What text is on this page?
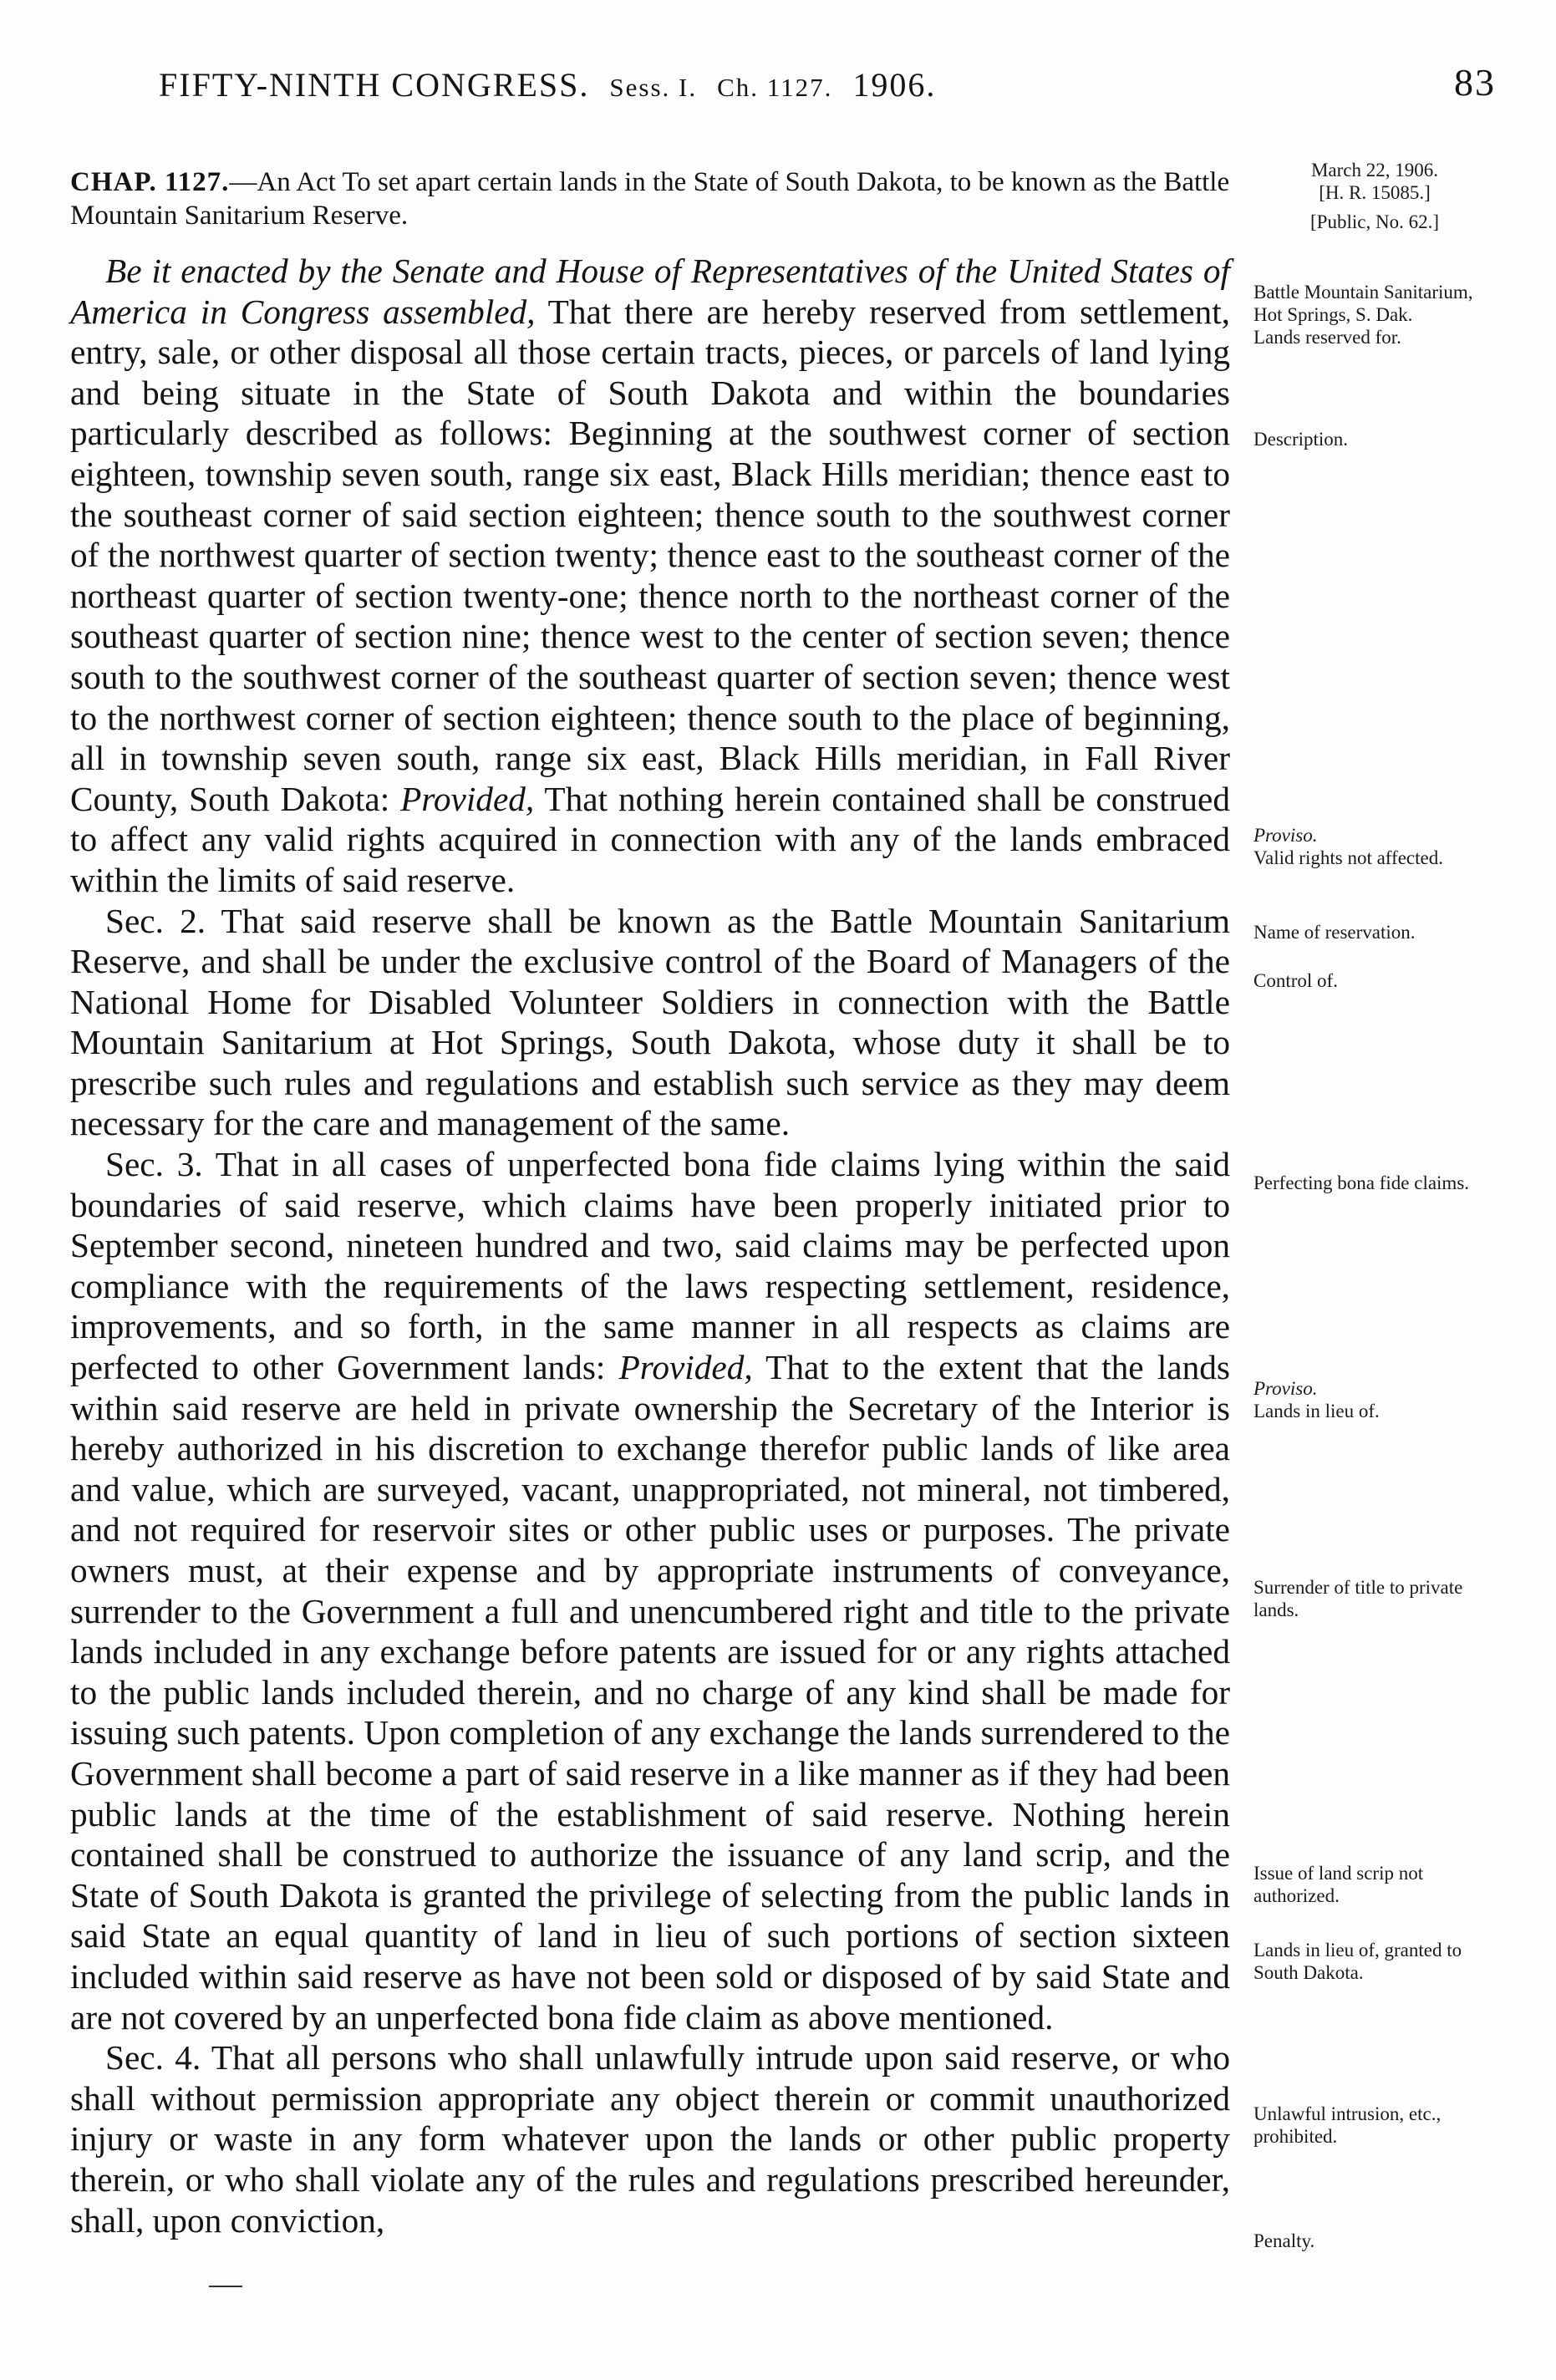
FIFTY-NINTH CONGRESS. Sess. I. Ch. 1127. 1906.	83
CHAP. 1127.—An Act To set apart certain lands in the State of South Dakota, to be known as the Battle Mountain Sanitarium Reserve.

Be it enacted by the Senate and House of Representatives of the United States of America in Congress assembled, That there are hereby reserved from settlement, entry, sale, or other disposal all those certain tracts, pieces, or parcels of land lying and being situate in the State of South Dakota and within the boundaries particularly described as follows: Beginning at the southwest corner of section eighteen, township seven south, range six east, Black Hills meridian; thence east to the southeast corner of said section eighteen; thence south to the southwest corner of the northwest quarter of section twenty; thence east to the southeast corner of the northeast quarter of section twenty-one; thence north to the northeast corner of the southeast quarter of section nine; thence west to the center of section seven; thence south to the southwest corner of the southeast quarter of section seven; thence west to the northwest corner of section eighteen; thence south to the place of beginning, all in township seven south, range six east, Black Hills meridian, in Fall River County, South Dakota: Provided, That nothing herein contained shall be construed to affect any valid rights acquired in connection with any of the lands embraced within the limits of said reserve.

Sec. 2. That said reserve shall be known as the Battle Mountain Sanitarium Reserve, and shall be under the exclusive control of the Board of Managers of the National Home for Disabled Volunteer Soldiers in connection with the Battle Mountain Sanitarium at Hot Springs, South Dakota, whose duty it shall be to prescribe such rules and regulations and establish such service as they may deem necessary for the care and management of the same.

Sec. 3. That in all cases of unperfected bona fide claims lying within the said boundaries of said reserve, which claims have been properly initiated prior to September second, nineteen hundred and two, said claims may be perfected upon compliance with the requirements of the laws respecting settlement, residence, improvements, and so forth, in the same manner in all respects as claims are perfected to other Government lands: Provided, That to the extent that the lands within said reserve are held in private ownership the Secretary of the Interior is hereby authorized in his discretion to exchange therefor public lands of like area and value, which are surveyed, vacant, unappropriated, not mineral, not timbered, and not required for reservoir sites or other public uses or purposes. The private owners must, at their expense and by appropriate instruments of conveyance, surrender to the Government a full and unencumbered right and title to the private lands included in any exchange before patents are issued for or any rights attached to the public lands included therein, and no charge of any kind shall be made for issuing such patents. Upon completion of any exchange the lands surrendered to the Government shall become a part of said reserve in a like manner as if they had been public lands at the time of the establishment of said reserve. Nothing herein contained shall be construed to authorize the issuance of any land scrip, and the State of South Dakota is granted the privilege of selecting from the public lands in said State an equal quantity of land in lieu of such portions of section sixteen included within said reserve as have not been sold or disposed of by said State and are not covered by an unperfected bona fide claim as above mentioned.

Sec. 4. That all persons who shall unlawfully intrude upon said reserve, or who shall without permission appropriate any object therein or commit unauthorized injury or waste in any form whatever upon the lands or other public property therein, or who shall violate any of the rules and regulations prescribed hereunder, shall, upon conviction,

March 22, 1906.
[H. R. 15085.]
[Public, No. 62.]
Battle Mountain Sanitarium, Hot Springs, S. Dak.
Lands reserved for.
Description.
Proviso.
Valid rights not affected.
Name of reservation.
Control of.
Perfecting bona fide claims.
Proviso.
Lands in lieu of.
Surrender of title to private lands.
Issue of land scrip not authorized.
Lands in lieu of, granted to South Dakota.
Unlawful intrusion, etc., prohibited.
Penalty.
